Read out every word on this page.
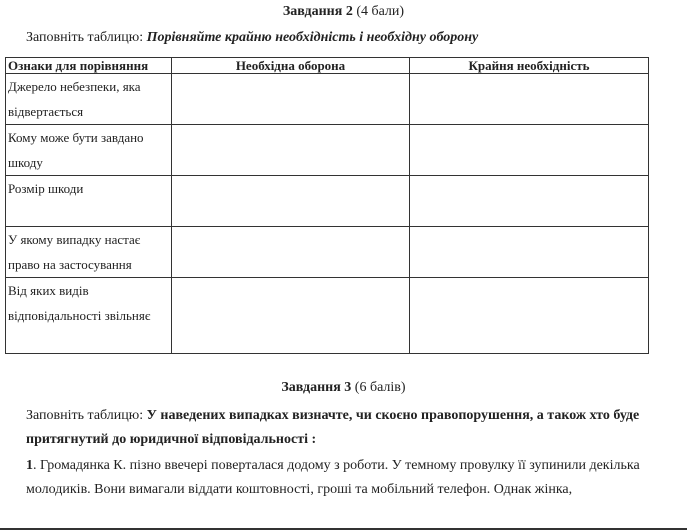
Завдання 2 (4 бали)

Заповніть таблицю: Порівняйте крайню необхідність і необхідну оборону

Ознаки для порівняння	Необхідна оборона	Крайня необхідність
Джерело небезпеки, яка відвертається		
Кому може бути завдано шкоду		
Розмір шкоди		
У якому випадку настає право на застосування		
Від яких видів відповідальності звільняє		

Завдання 3 (6 балів)

Заповніть таблицю: У наведених випадках визначте, чи скоєно правопорушення, а також хто буде притягнутий до юридичної відповідальності :

1. Громадянка К. пізно ввечері поверталася додому з роботи. У темному провулку її зупинили декілька молодиків. Вони вимагали віддати коштовності, гроші та мобільний телефон. Однак жінка,
